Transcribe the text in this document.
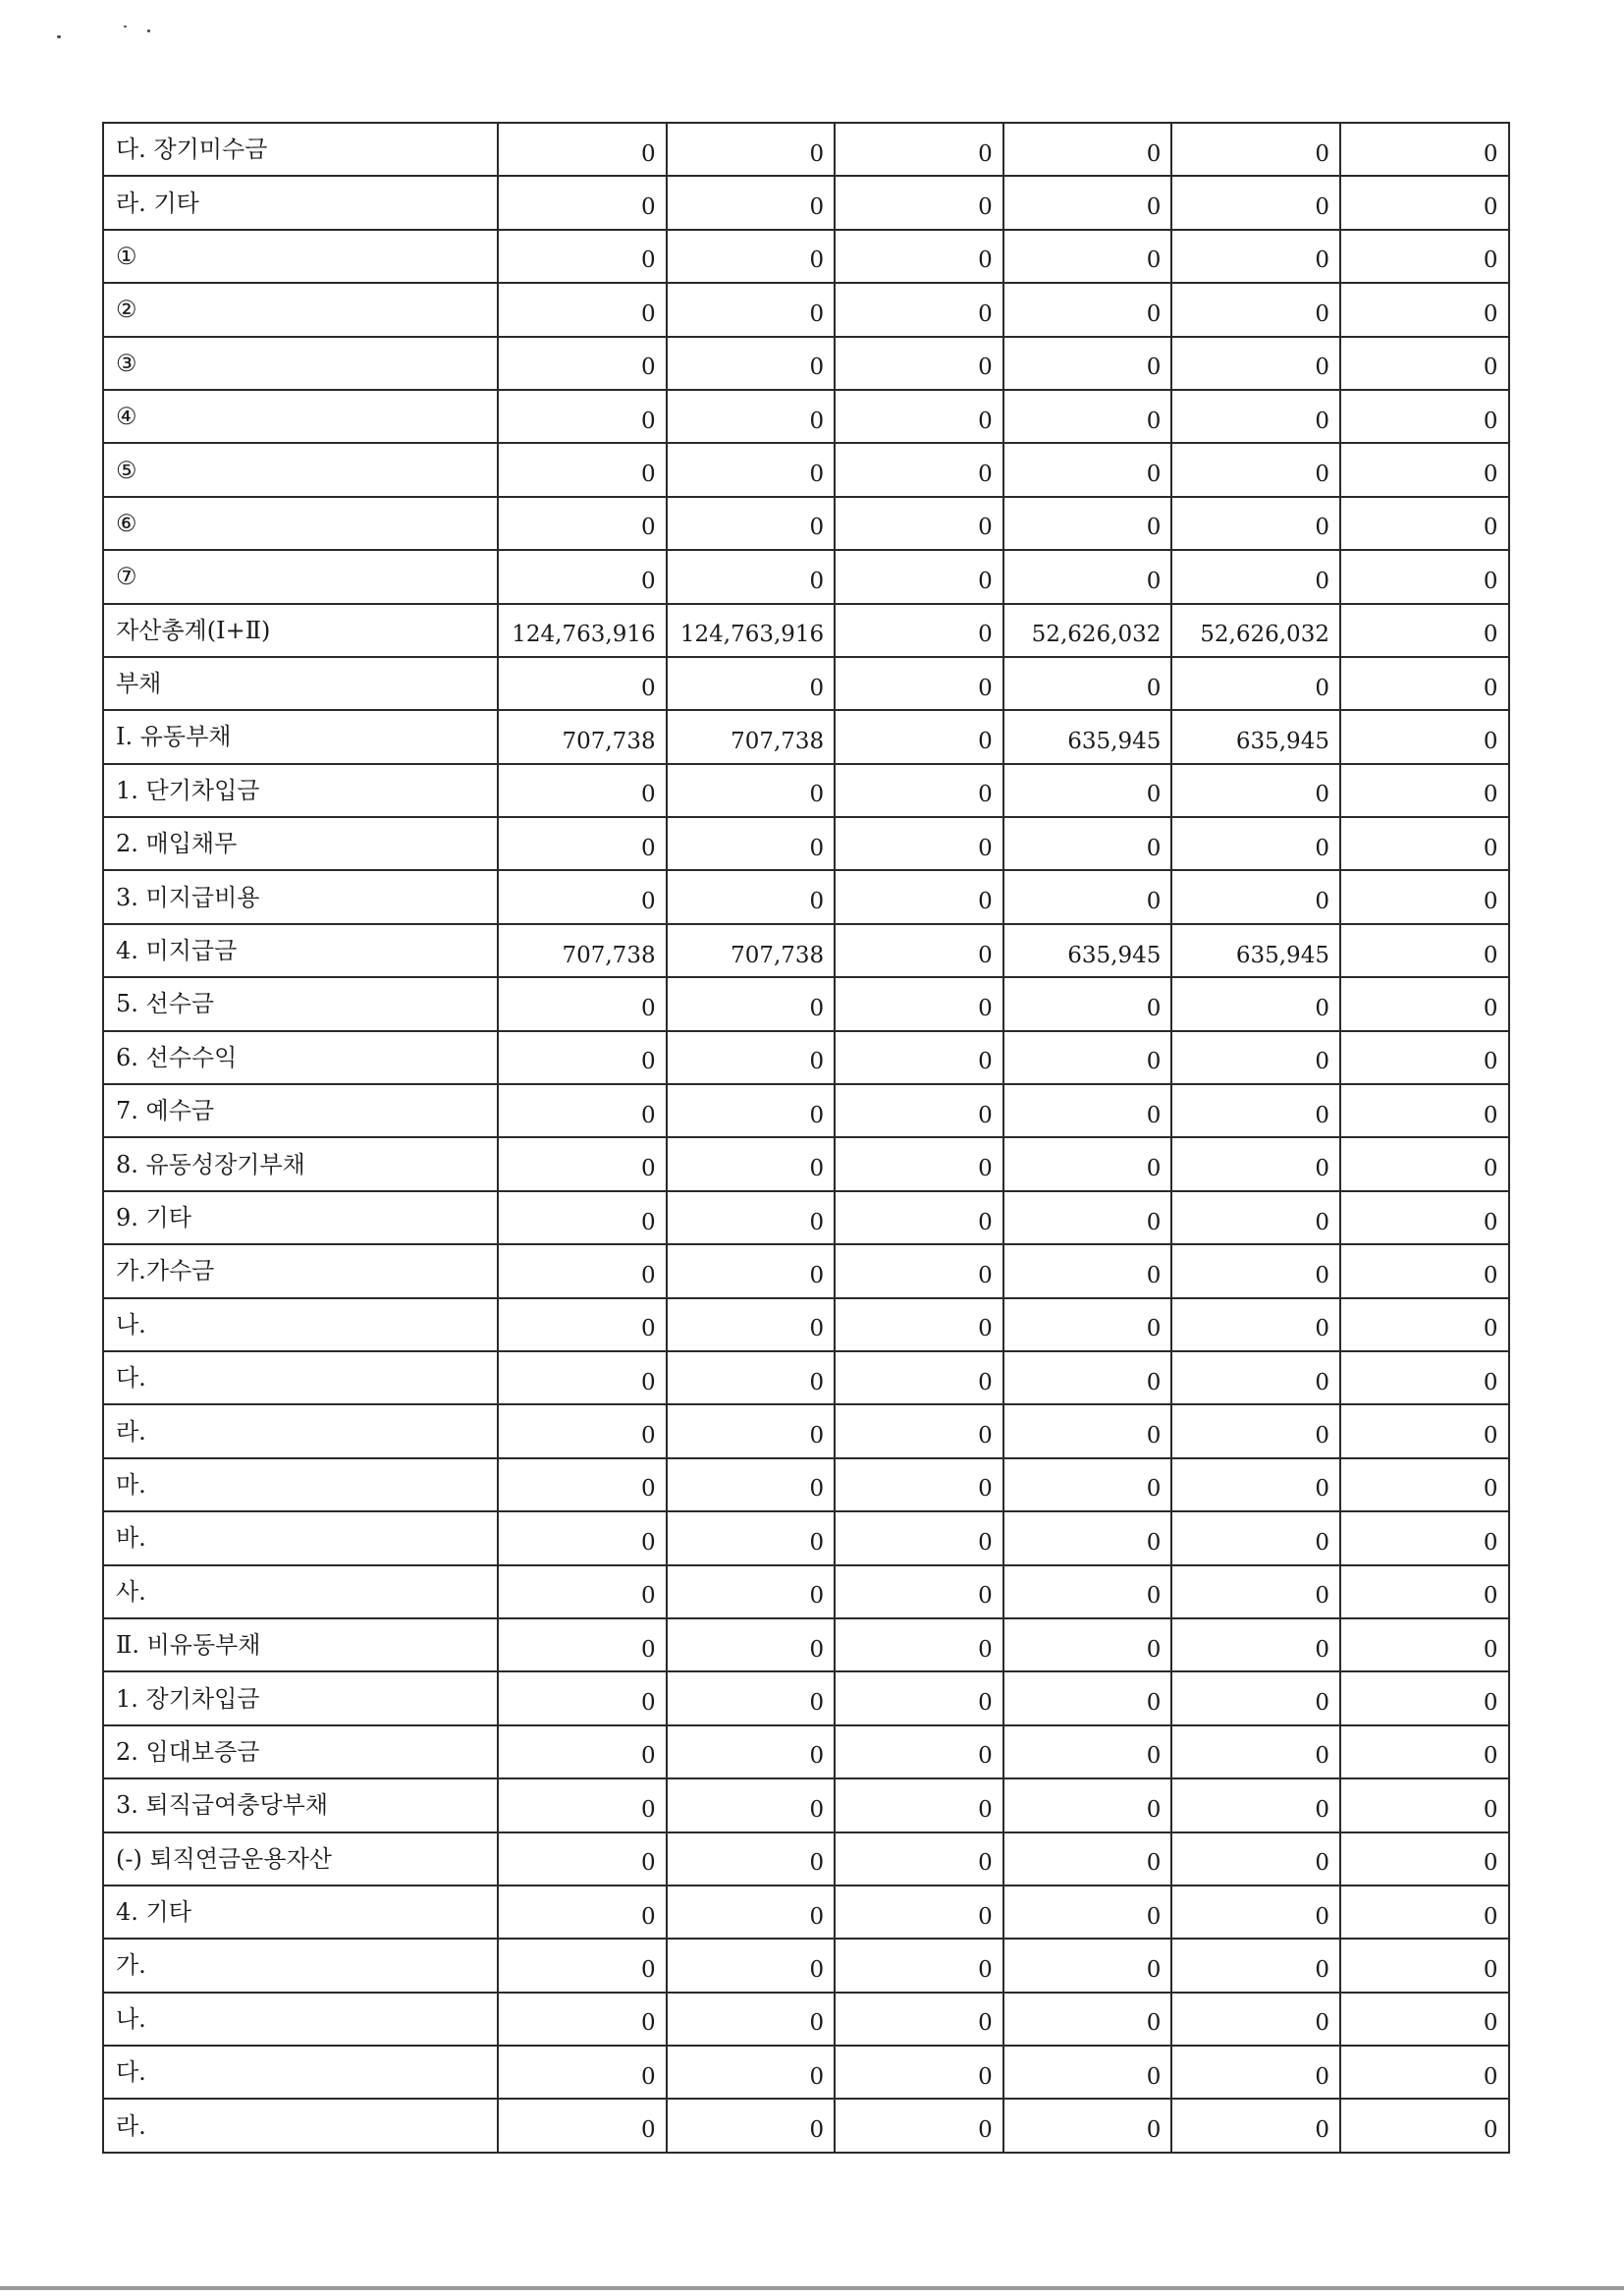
다. 장기미수금	0	0	0	0	0	0
라. 기타	0	0	0	0	0	0
①	0	0	0	0	0	0
②	0	0	0	0	0	0
③	0	0	0	0	0	0
④	0	0	0	0	0	0
⑤	0	0	0	0	0	0
⑥	0	0	0	0	0	0
⑦	0	0	0	0	0	0
자산총계(Ⅰ+Ⅱ)	124,763,916	124,763,916	0	52,626,032	52,626,032	0
부채	0	0	0	0	0	0
Ⅰ. 유동부채	707,738	707,738	0	635,945	635,945	0
1. 단기차입금	0	0	0	0	0	0
2. 매입채무	0	0	0	0	0	0
3. 미지급비용	0	0	0	0	0	0
4. 미지급금	707,738	707,738	0	635,945	635,945	0
5. 선수금	0	0	0	0	0	0
6. 선수수익	0	0	0	0	0	0
7. 예수금	0	0	0	0	0	0
8. 유동성장기부채	0	0	0	0	0	0
9. 기타	0	0	0	0	0	0
가.가수금	0	0	0	0	0	0
나.	0	0	0	0	0	0
다.	0	0	0	0	0	0
라.	0	0	0	0	0	0
마.	0	0	0	0	0	0
바.	0	0	0	0	0	0
사.	0	0	0	0	0	0
Ⅱ. 비유동부채	0	0	0	0	0	0
1. 장기차입금	0	0	0	0	0	0
2. 임대보증금	0	0	0	0	0	0
3. 퇴직급여충당부채	0	0	0	0	0	0
(-) 퇴직연금운용자산	0	0	0	0	0	0
4. 기타	0	0	0	0	0	0
가.	0	0	0	0	0	0
나.	0	0	0	0	0	0
다.	0	0	0	0	0	0
라.	0	0	0	0	0	0
